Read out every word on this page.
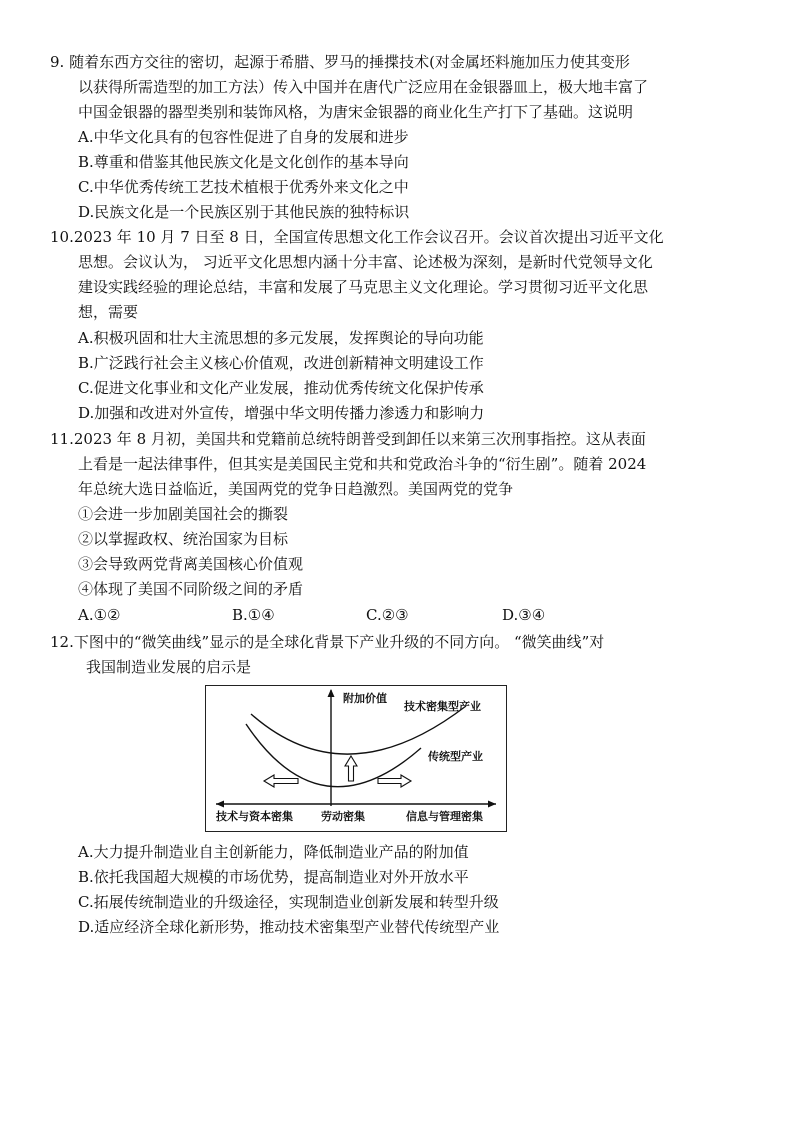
9. 随着东西方交往的密切，起源于希腊、罗马的捶揲技术(对金属坯料施加压力使其变形
以获得所需造型的加工方法）传入中国并在唐代广泛应用在金银器皿上，极大地丰富了
中国金银器的器型类别和装饰风格，为唐宋金银器的商业化生产打下了基础。这说明
A.中华文化具有的包容性促进了自身的发展和进步
B.尊重和借鉴其他民族文化是文化创作的基本导向
C.中华优秀传统工艺技术植根于优秀外来文化之中
D.民族文化是一个民族区别于其他民族的独特标识
10.2023 年 10 月 7 日至 8 日，全国宣传思想文化工作会议召开。会议首次提出习近平文化
思想。会议认为， 习近平文化思想内涵十分丰富、论述极为深刻，是新时代党领导文化
建设实践经验的理论总结，丰富和发展了马克思主义文化理论。学习贯彻习近平文化思
想，需要
A.积极巩固和壮大主流思想的多元发展，发挥舆论的导向功能
B.广泛践行社会主义核心价值观，改进创新精神文明建设工作
C.促进文化事业和文化产业发展，推动优秀传统文化保护传承
D.加强和改进对外宣传，增强中华文明传播力渗透力和影响力
11.2023 年 8 月初，美国共和党籍前总统特朗普受到卸任以来第三次刑事指控。这从表面
上看是一起法律事件，但其实是美国民主党和共和党政治斗争的“衍生剧”。随着 2024
年总统大选日益临近，美国两党的党争日趋激烈。美国两党的党争
①会进一步加剧美国社会的撕裂
②以掌握政权、统治国家为目标
③会导致两党背离美国核心价值观
④体现了美国不同阶级之间的矛盾
A.①②	B.①④	C.②③	D.③④
12.下图中的“微笑曲线”显示的是全球化背景下产业升级的不同方向。 “微笑曲线”对
我国制造业发展的启示是
附加价值
技术密集型产业
传统型产业
技术与资本密集	劳动密集	信息与管理密集
A.大力提升制造业自主创新能力，降低制造业产品的附加值
B.依托我国超大规模的市场优势，提高制造业对外开放水平
C.拓展传统制造业的升级途径，实现制造业创新发展和转型升级
D.适应经济全球化新形势，推动技术密集型产业替代传统型产业
